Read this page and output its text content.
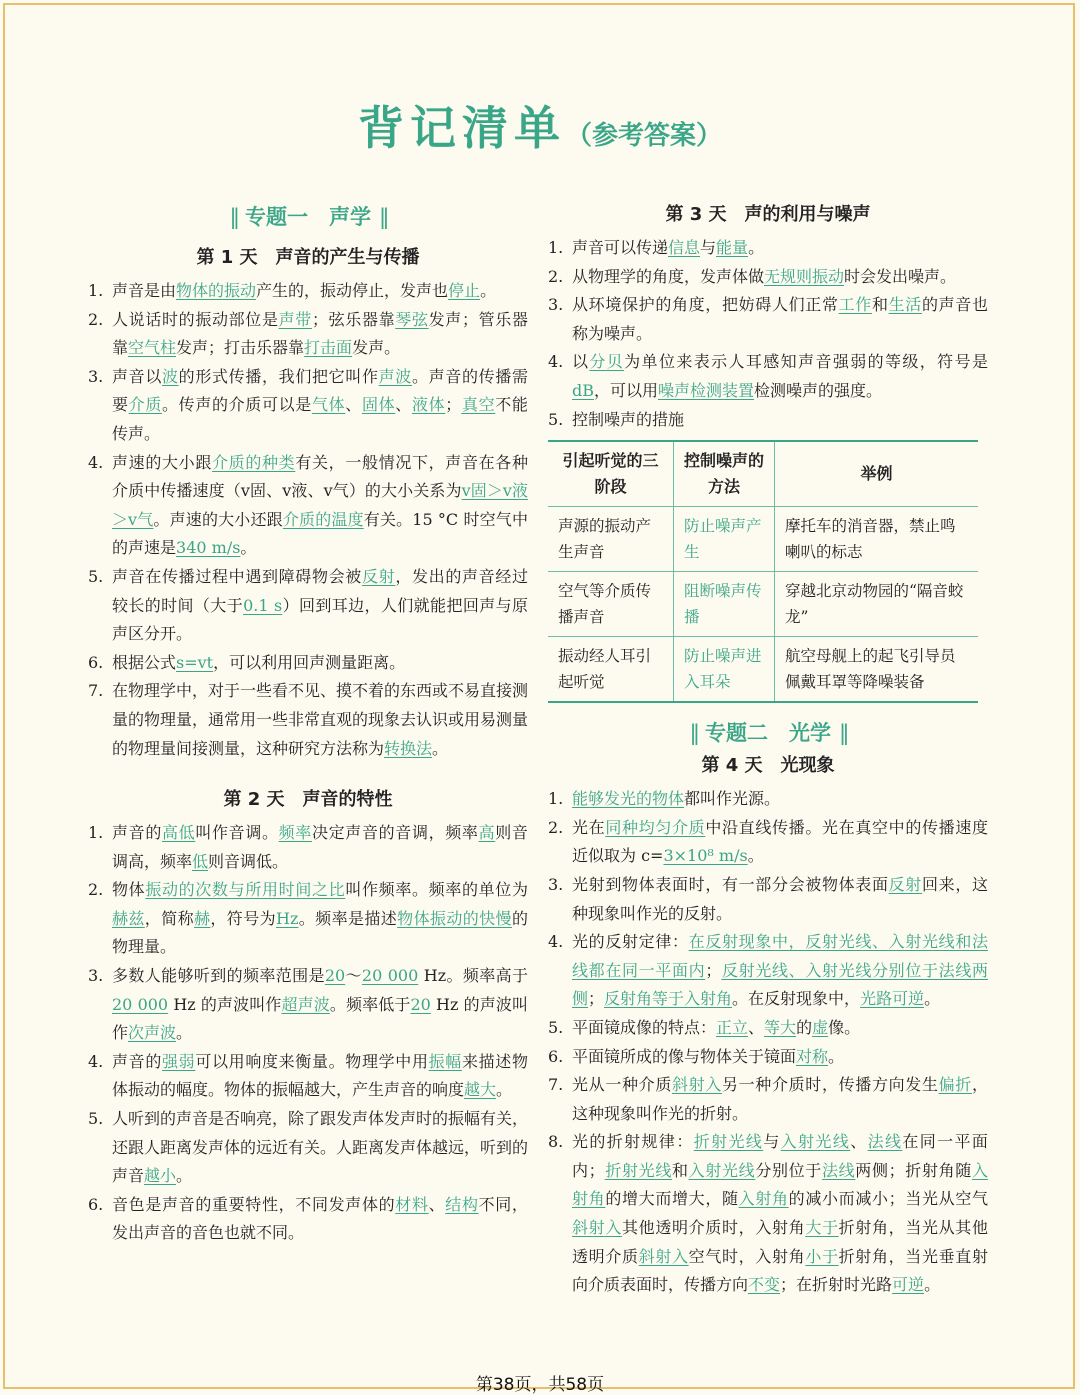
背记清单（参考答案）
‖ 专题一　声学 ‖
第 1 天　声音的产生与传播
1. 声音是由物体的振动产生的，振动停止，发声也停止。
2. 人说话时的振动部位是声带；弦乐器靠琴弦发声；管乐器靠空气柱发声；打击乐器靠打击面发声。
3. 声音以波的形式传播，我们把它叫作声波。声音的传播需要介质。传声的介质可以是气体、固体、液体；真空不能传声。
4. 声速的大小跟介质的种类有关，一般情况下，声音在各种介质中传播速度（v固、v液、v气）的大小关系为v固＞v液＞v气。声速的大小还跟介质的温度有关。15 °C 时空气中的声速是340 m/s。
5. 声音在传播过程中遇到障碍物会被反射，发出的声音经过较长的时间（大于0.1 s）回到耳边，人们就能把回声与原声区分开。
6. 根据公式s=vt，可以利用回声测量距离。
7. 在物理学中，对于一些看不见、摸不着的东西或不易直接测量的物理量，通常用一些非常直观的现象去认识或用易测量的物理量间接测量，这种研究方法称为转换法。
第 2 天　声音的特性
1. 声音的高低叫作音调。频率决定声音的音调，频率高则音调高，频率低则音调低。
2. 物体振动的次数与所用时间之比叫作频率。频率的单位为赫兹，简称赫，符号为Hz。频率是描述物体振动的快慢的物理量。
3. 多数人能够听到的频率范围是20～20 000 Hz。频率高于20 000 Hz 的声波叫作超声波。频率低于20 Hz 的声波叫作次声波。
4. 声音的强弱可以用响度来衡量。物理学中用振幅来描述物体振动的幅度。物体的振幅越大，产生声音的响度越大。
5. 人听到的声音是否响亮，除了跟发声体发声时的振幅有关，还跟人距离发声体的远近有关。人距离发声体越远，听到的声音越小。
6. 音色是声音的重要特性，不同发声体的材料、结构不同，发出声音的音色也就不同。
第 3 天　声的利用与噪声
1. 声音可以传递信息与能量。
2. 从物理学的角度，发声体做无规则振动时会发出噪声。
3. 从环境保护的角度，把妨碍人们正常工作和生活的声音也称为噪声。
4. 以分贝为单位来表示人耳感知声音强弱的等级，符号是dB，可以用噪声检测装置检测噪声的强度。
5. 控制噪声的措施
引起听觉的三阶段	控制噪声的方法	举例
声源的振动产生声音	防止噪声产生	摩托车的消音器，禁止鸣喇叭的标志
空气等介质传播声音	阻断噪声传播	穿越北京动物园的“隔音蛟龙”
振动经人耳引起听觉	防止噪声进入耳朵	航空母舰上的起飞引导员佩戴耳罩等降噪装备
‖ 专题二　光学 ‖
第 4 天　光现象
1. 能够发光的物体都叫作光源。
2. 光在同种均匀介质中沿直线传播。光在真空中的传播速度近似取为 c=3×10⁸ m/s。
3. 光射到物体表面时，有一部分会被物体表面反射回来，这种现象叫作光的反射。
4. 光的反射定律：在反射现象中，反射光线、入射光线和法线都在同一平面内；反射光线、入射光线分别位于法线两侧；反射角等于入射角。在反射现象中，光路可逆。
5. 平面镜成像的特点：正立、等大的虚像。
6. 平面镜所成的像与物体关于镜面对称。
7. 光从一种介质斜射入另一种介质时，传播方向发生偏折，这种现象叫作光的折射。
8. 光的折射规律：折射光线与入射光线、法线在同一平面内；折射光线和入射光线分别位于法线两侧；折射角随入射角的增大而增大，随入射角的减小而减小；当光从空气斜射入其他透明介质时，入射角大于折射角，当光从其他透明介质斜射入空气时，入射角小于折射角，当光垂直射向介质表面时，传播方向不变；在折射时光路可逆。
第38页，共58页
